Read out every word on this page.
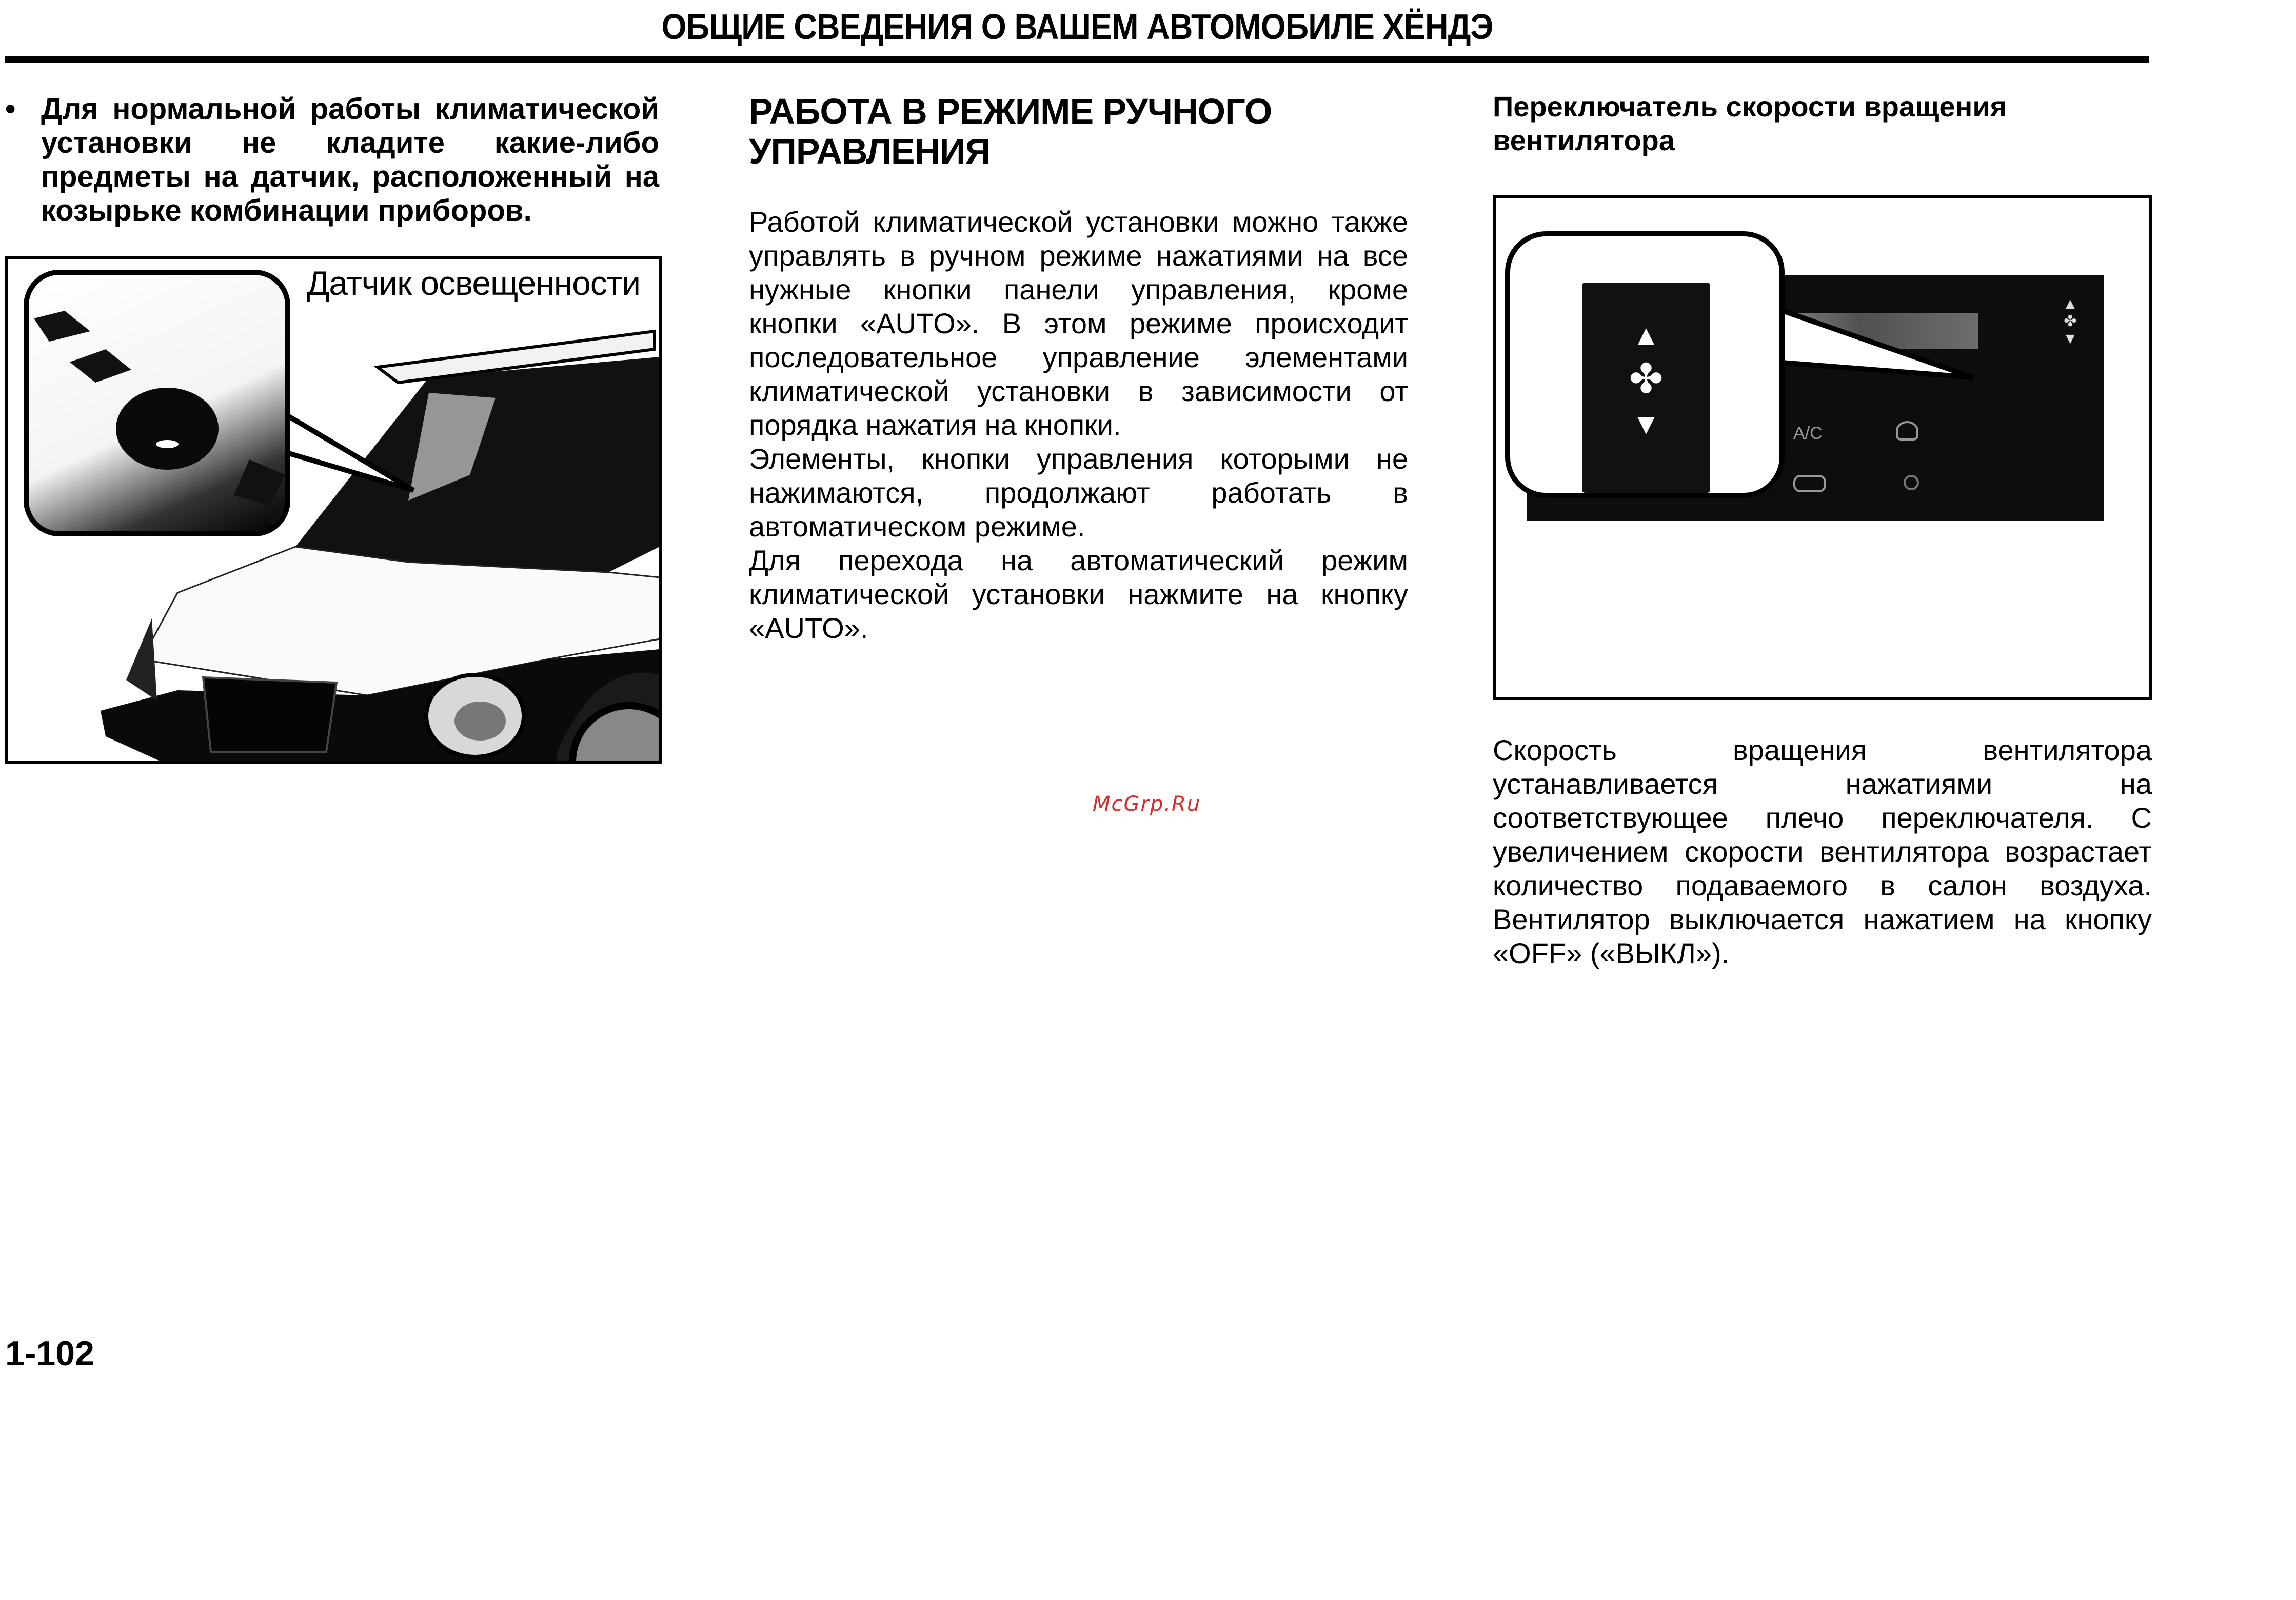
ОБЩИЕ СВЕДЕНИЯ О ВАШЕМ АВТОМОБИЛЕ ХЁНДЭ
• Для нормальной работы климатической установки не кладите какие-либо предметы на датчик, расположенный на козырьке комбинации приборов.
Датчик освещенности
РАБОТА В РЕЖИМЕ РУЧНОГО УПРАВЛЕНИЯ

Работой климатической установки можно также управлять в ручном режиме нажатиями на все нужные кнопки панели управления, кроме кнопки «AUTO». В этом режиме происходит последовательное управление элементами климатической установки в зависимости от порядка нажатия на кнопки.

Элементы, кнопки управления которыми не нажимаются, продолжают работать в автоматическом режиме.

Для перехода на автоматический режим климатической установки нажмите на кнопку «AUTO».

McGrp.Ru
Переключатель скорости вращения вентилятора
▲
✤
▼
A/C
▲
✤
▼
Скорость вращения вентилятора устанавливается нажатиями на соответствующее плечо переключателя. С увеличением скорости вентилятора возрастает количество подаваемого в салон воздуха. Вентилятор выключается нажатием на кнопку «OFF» («ВЫКЛ»).
1-102
